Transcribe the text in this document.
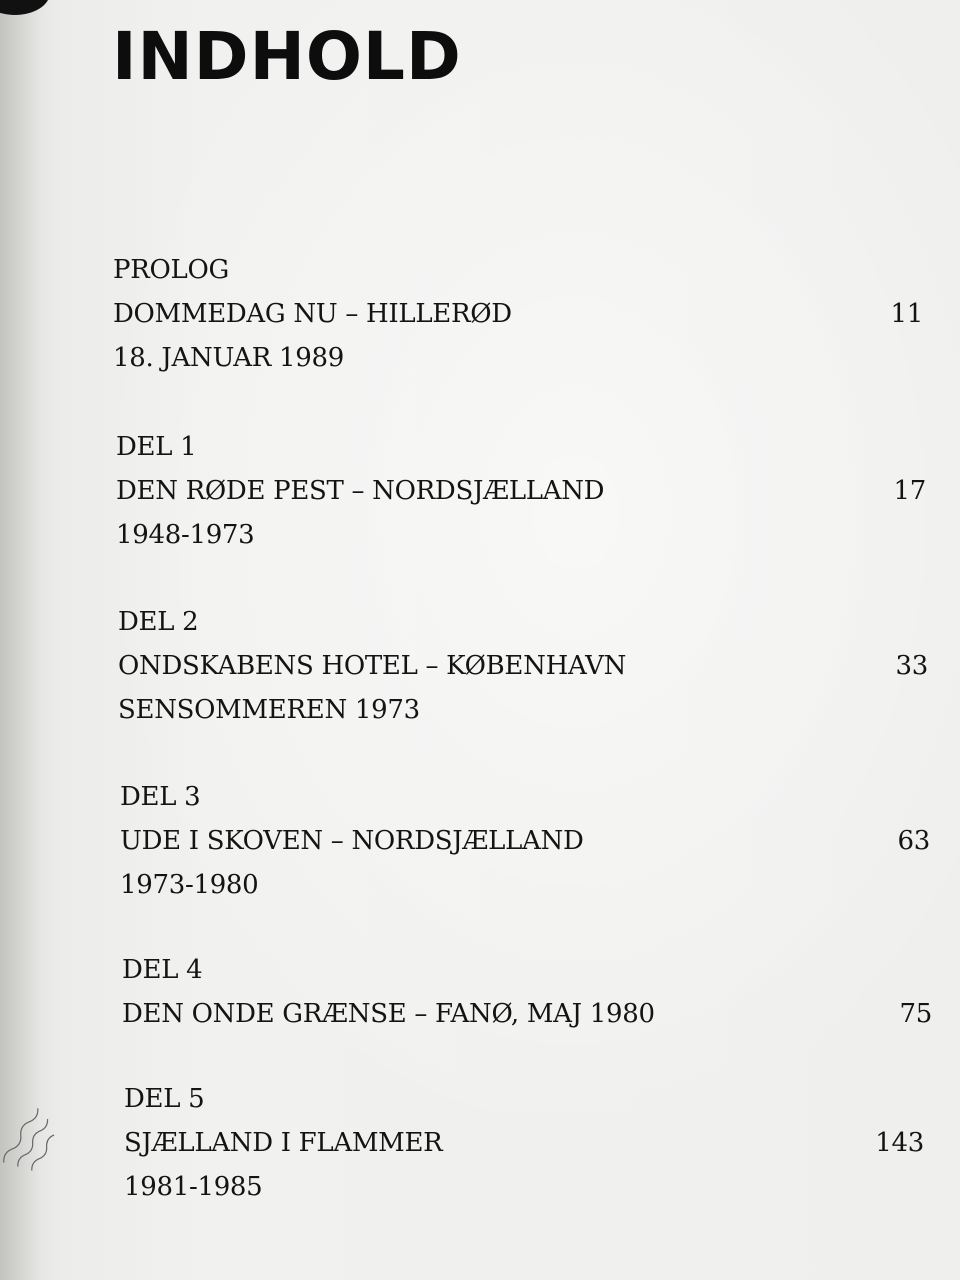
INDHOLD
PROLOG
DOMMEDAG NU – HILLERØD	11
18. JANUAR 1989
DEL 1
DEN RØDE PEST – NORDSJÆLLAND	17
1948-1973
DEL 2
ONDSKABENS HOTEL – KØBENHAVN	33
SENSOMMEREN 1973
DEL 3
UDE I SKOVEN – NORDSJÆLLAND	63
1973-1980
DEL 4
DEN ONDE GRÆNSE – FANØ, MAJ 1980	75
DEL 5
SJÆLLAND I FLAMMER	143
1981-1985
